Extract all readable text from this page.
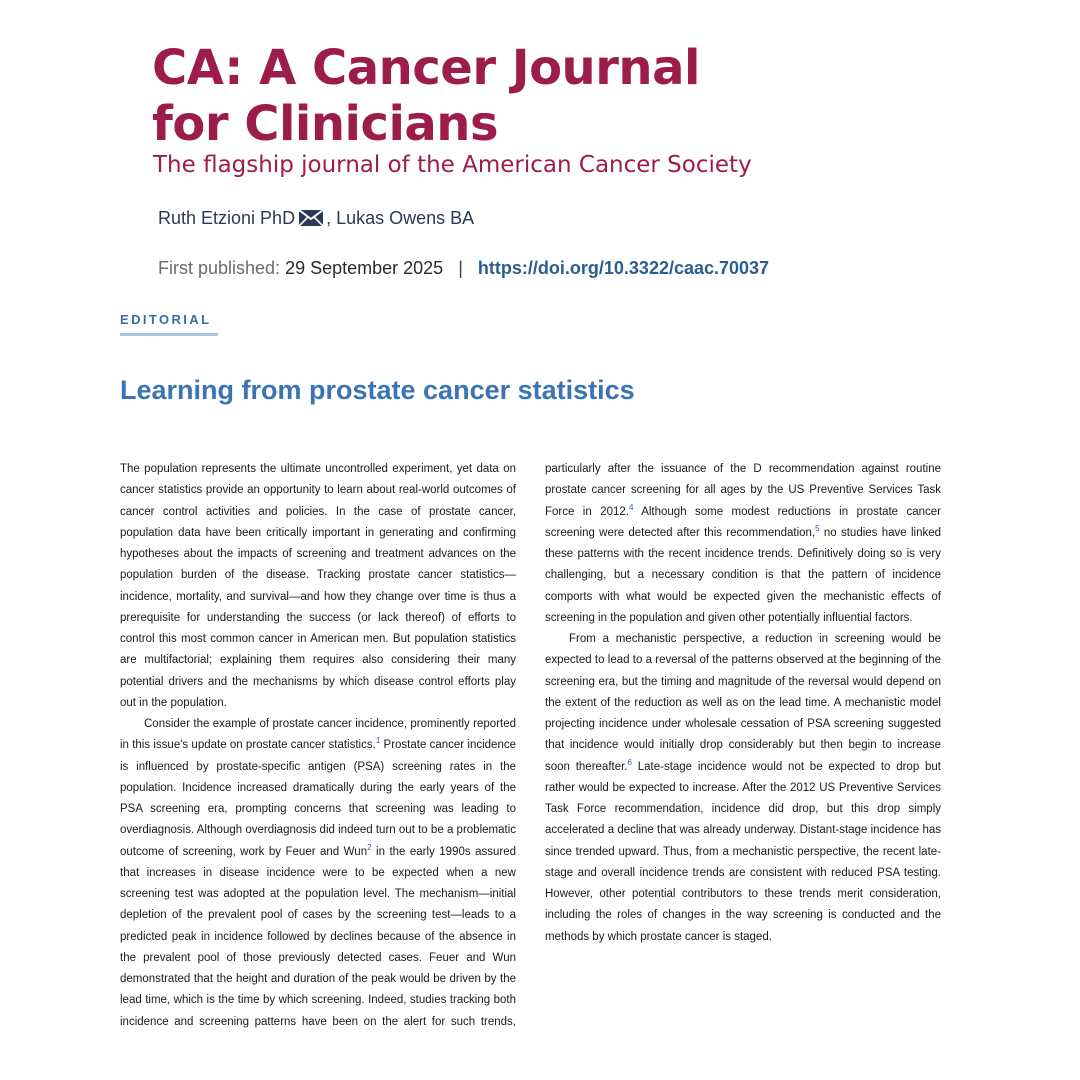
CA: A Cancer Journal
for Clinicians

The flagship journal of the American Cancer Society

Ruth Etzioni PhD , Lukas Owens BA
First published: 29 September 2025 | https://doi.org/10.3322/caac.70037
EDITORIAL
Learning from prostate cancer statistics

The population represents the ultimate uncontrolled experiment, yet data on cancer statistics provide an opportunity to learn about real-world outcomes of cancer control activities and policies. In the case of prostate cancer, population data have been critically important in generating and confirming hypotheses about the impacts of screening and treatment advances on the population burden of the disease. Tracking prostate cancer statistics—incidence, mortality, and survival—and how they change over time is thus a prerequisite for understanding the success (or lack thereof) of efforts to control this most common cancer in American men. But population statistics are multifactorial; explaining them requires also considering their many potential drivers and the mechanisms by which disease control efforts play out in the population.

Consider the example of prostate cancer incidence, prominently reported in this issue's update on prostate cancer statistics.$^1$ Prostate cancer incidence is influenced by prostate-specific antigen (PSA) screening rates in the population. Incidence increased dramatically during the early years of the PSA screening era, prompting concerns that screening was leading to overdiagnosis. Although overdiagnosis did indeed turn out to be a problematic outcome of screening, work by Feuer and Wun$^2$ in the early 1990s assured that increases in disease incidence were to be expected when a new screening test was adopted at the population level. The mechanism—initial depletion of the prevalent pool of cases by the screening test—leads to a predicted peak in incidence followed by declines because of the absence in the prevalent pool of those previously detected cases. Feuer and Wun demonstrated that the height and duration of the peak would be driven by the lead time, which is the time by which screening. Indeed, studies tracking both incidence and screening patterns have been on the alert for such trends, particularly after the issuance of the D recommendation against routine prostate cancer screening for all ages by the US Preventive Services Task Force in 2012.$^4$ Although some modest reductions in prostate cancer screening were detected after this recommendation,$^5$ no studies have linked these patterns with the recent incidence trends. Definitively doing so is very challenging, but a necessary condition is that the pattern of incidence comports with what would be expected given the mechanistic effects of screening in the population and given other potentially influential factors.

From a mechanistic perspective, a reduction in screening would be expected to lead to a reversal of the patterns observed at the beginning of the screening era, but the timing and magnitude of the reversal would depend on the extent of the reduction as well as on the lead time. A mechanistic model projecting incidence under wholesale cessation of PSA screening suggested that incidence would initially drop considerably but then begin to increase soon thereafter.$^6$ Late-stage incidence would not be expected to drop but rather would be expected to increase. After the 2012 US Preventive Services Task Force recommendation, incidence did drop, but this drop simply accelerated a decline that was already underway. Distant-stage incidence has since trended upward. Thus, from a mechanistic perspective, the recent late-stage and overall incidence trends are consistent with reduced PSA testing. However, other potential contributors to these trends merit consideration, including the roles of changes in the way screening is conducted and the methods by which prostate cancer is staged.
